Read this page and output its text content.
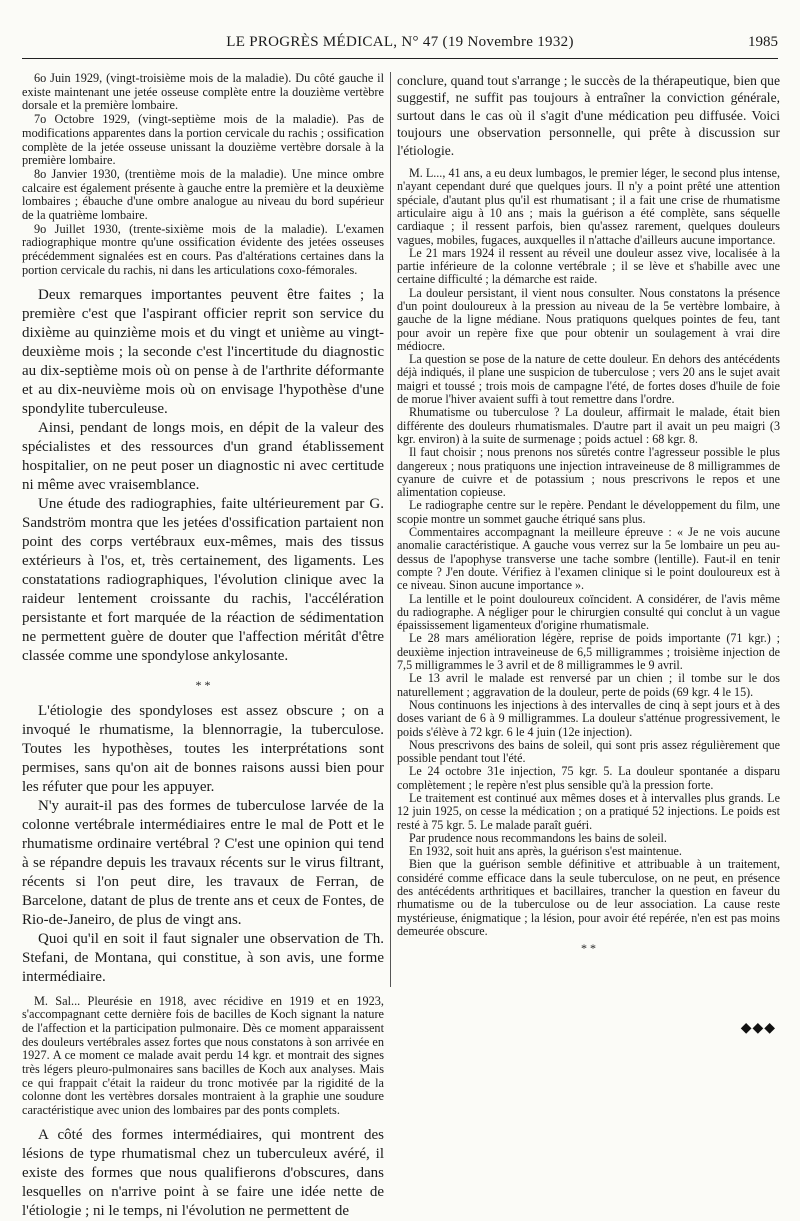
LE PROGRÈS MÉDICAL, N° 47 (19 Novembre 1932)	1985

6o Juin 1929, (vingt-troisième mois de la maladie). Du côté gauche il existe maintenant une jetée osseuse complète entre la douzième vertèbre dorsale et la première lombaire.

7o Octobre 1929, (vingt-septième mois de la maladie). Pas de modifications apparentes dans la portion cervicale du rachis ; ossification complète de la jetée osseuse unissant la douzième vertèbre dorsale à la première lombaire.

8o Janvier 1930, (trentième mois de la maladie). Une mince ombre calcaire est également présente à gauche entre la première et la deuxième lombaires ; ébauche d'une ombre analogue au niveau du bord supérieur de la quatrième lombaire.

9o Juillet 1930, (trente-sixième mois de la maladie). L'examen radiographique montre qu'une ossification évidente des jetées osseuses précédemment signalées est en cours. Pas d'altérations certaines dans la portion cervicale du rachis, ni dans les articulations coxo-fémorales.

Deux remarques importantes peuvent être faites ; la première c'est que l'aspirant officier reprit son service du dixième au quinzième mois et du vingt et unième au vingt-deuxième mois ; la seconde c'est l'incertitude du diagnostic au dix-septième mois où on pense à de l'arthrite déformante et au dix-neuvième mois où on envisage l'hypothèse d'une spondylite tuberculeuse.

Ainsi, pendant de longs mois, en dépit de la valeur des spécialistes et des ressources d'un grand établissement hospitalier, on ne peut poser un diagnostic ni avec certitude ni même avec vraisemblance.

Une étude des radiographies, faite ultérieurement par G. Sandström montra que les jetées d'ossification partaient non point des corps vertébraux eux-mêmes, mais des tissus extérieurs à l'os, et, très certainement, des ligaments. Les constatations radiographiques, l'évolution clinique avec la raideur lentement croissante du rachis, l'accélération persistante et fort marquée de la réaction de sédimentation ne permettent guère de douter que l'affection méritât d'être classée comme une spondylose ankylosante.

* *

L'étiologie des spondyloses est assez obscure ; on a invoqué le rhumatisme, la blennorragie, la tuberculose. Toutes les hypothèses, toutes les interprétations sont permises, sans qu'on ait de bonnes raisons aussi bien pour les réfuter que pour les appuyer.

N'y aurait-il pas des formes de tuberculose larvée de la colonne vertébrale intermédiaires entre le mal de Pott et le rhumatisme ordinaire vertébral ? C'est une opinion qui tend à se répandre depuis les travaux récents sur le virus filtrant, récents si l'on peut dire, les travaux de Ferran, de Barcelone, datant de plus de trente ans et ceux de Fontes, de Rio-de-Janeiro, de plus de vingt ans.

Quoi qu'il en soit il faut signaler une observation de Th. Stefani, de Montana, qui constitue, à son avis, une forme intermédiaire.

M. Sal... Pleurésie en 1918, avec récidive en 1919 et en 1923, s'accompagnant cette dernière fois de bacilles de Koch signant la nature de l'affection et la participation pulmonaire. Dès ce moment apparaissent des douleurs vertébrales assez fortes que nous constatons à son arrivée en 1927. A ce moment ce malade avait perdu 14 kgr. et montrait des signes très légers pleuro-pulmonaires sans bacilles de Koch aux analyses. Mais ce qui frappait c'était la raideur du tronc motivée par la rigidité de la colonne dont les vertèbres dorsales montraient à la graphie une soudure caractéristique avec union des lombaires par des ponts complets.

A côté des formes intermédiaires, qui montrent des lésions de type rhumatismal chez un tuberculeux avéré, il existe des formes que nous qualifierons d'obscures, dans lesquelles on n'arrive point à se faire une idée nette de l'étiologie ; ni le temps, ni l'évolution ne permettent de

conclure, quand tout s'arrange ; le succès de la thérapeutique, bien que suggestif, ne suffit pas toujours à entraîner la conviction générale, surtout dans le cas où il s'agit d'une médication peu diffusée. Voici toujours une observation personnelle, qui prête à discussion sur l'étiologie.

M. L..., 41 ans, a eu deux lumbagos, le premier léger, le second plus intense, n'ayant cependant duré que quelques jours. Il n'y a point prêté une attention spéciale, d'autant plus qu'il est rhumatisant ; il a fait une crise de rhumatisme articulaire aigu à 10 ans ; mais la guérison a été complète, sans séquelle cardiaque ; il ressent parfois, bien qu'assez rarement, quelques douleurs vagues, mobiles, fugaces, auxquelles il n'attache d'ailleurs aucune importance.

Le 21 mars 1924 il ressent au réveil une douleur assez vive, localisée à la partie inférieure de la colonne vertébrale ; il se lève et s'habille avec une certaine difficulté ; la démarche est raide.

La douleur persistant, il vient nous consulter. Nous constatons la présence d'un point douloureux à la pression au niveau de la 5e vertèbre lombaire, à gauche de la ligne médiane. Nous pratiquons quelques pointes de feu, tant pour avoir un repère fixe que pour obtenir un soulagement à vrai dire médiocre.

La question se pose de la nature de cette douleur. En dehors des antécédents déjà indiqués, il plane une suspicion de tuberculose ; vers 20 ans le sujet avait maigri et toussé ; trois mois de campagne l'été, de fortes doses d'huile de foie de morue l'hiver avaient suffi à tout remettre dans l'ordre.

Rhumatisme ou tuberculose ? La douleur, affirmait le malade, était bien différente des douleurs rhumatismales. D'autre part il avait un peu maigri (3 kgr. environ) à la suite de surmenage ; poids actuel : 68 kgr. 8.

Il faut choisir ; nous prenons nos sûretés contre l'agresseur possible le plus dangereux ; nous pratiquons une injection intraveineuse de 8 milligrammes de cyanure de cuivre et de potassium ; nous prescrivons le repos et une alimentation copieuse.

Le radiographe centre sur le repère. Pendant le développement du film, une scopie montre un sommet gauche étriqué sans plus.

Commentaires accompagnant la meilleure épreuve : « Je ne vois aucune anomalie caractéristique. A gauche vous verrez sur la 5e lombaire un peu au-dessus de l'apophyse transverse une tache sombre (lentille). Faut-il en tenir compte ? J'en doute. Vérifiez à l'examen clinique si le point douloureux est à ce niveau. Sinon aucune importance ».

La lentille et le point douloureux coïncident. A considérer, de l'avis même du radiographe. A négliger pour le chirurgien consulté qui conclut à un vague épaississement ligamenteux d'origine rhumatismale.

Le 28 mars amélioration légère, reprise de poids importante (71 kgr.) ; deuxième injection intraveineuse de 6,5 milligrammes ; troisième injection de 7,5 milligrammes le 3 avril et de 8 milligrammes le 9 avril.

Le 13 avril le malade est renversé par un chien ; il tombe sur le dos naturellement ; aggravation de la douleur, perte de poids (69 kgr. 4 le 15).

Nous continuons les injections à des intervalles de cinq à sept jours et à des doses variant de 6 à 9 milligrammes. La douleur s'atténue progressivement, le poids s'élève à 72 kgr. 6 le 4 juin (12e injection).

Nous prescrivons des bains de soleil, qui sont pris assez régulièrement que possible pendant tout l'été.

Le 24 octobre 31e injection, 75 kgr. 5. La douleur spontanée a disparu complètement ; le repère n'est plus sensible qu'à la pression forte.

Le traitement est continué aux mêmes doses et à intervalles plus grands. Le 12 juin 1925, on cesse la médication ; on a pratiqué 52 injections. Le poids est resté à 75 kgr. 5. Le malade paraît guéri.

Par prudence nous recommandons les bains de soleil.

En 1932, soit huit ans après, la guérison s'est maintenue.

Bien que la guérison semble définitive et attribuable à un traitement, considéré comme efficace dans la seule tuberculose, on ne peut, en présence des antécédents arthritiques et bacillaires, trancher la question en faveur du rhumatisme ou de la tuberculose ou de leur association. La cause reste mystérieuse, énigmatique ; la lésion, pour avoir été repérée, n'en est pas moins demeurée obscure.

* *
◆◆◆
